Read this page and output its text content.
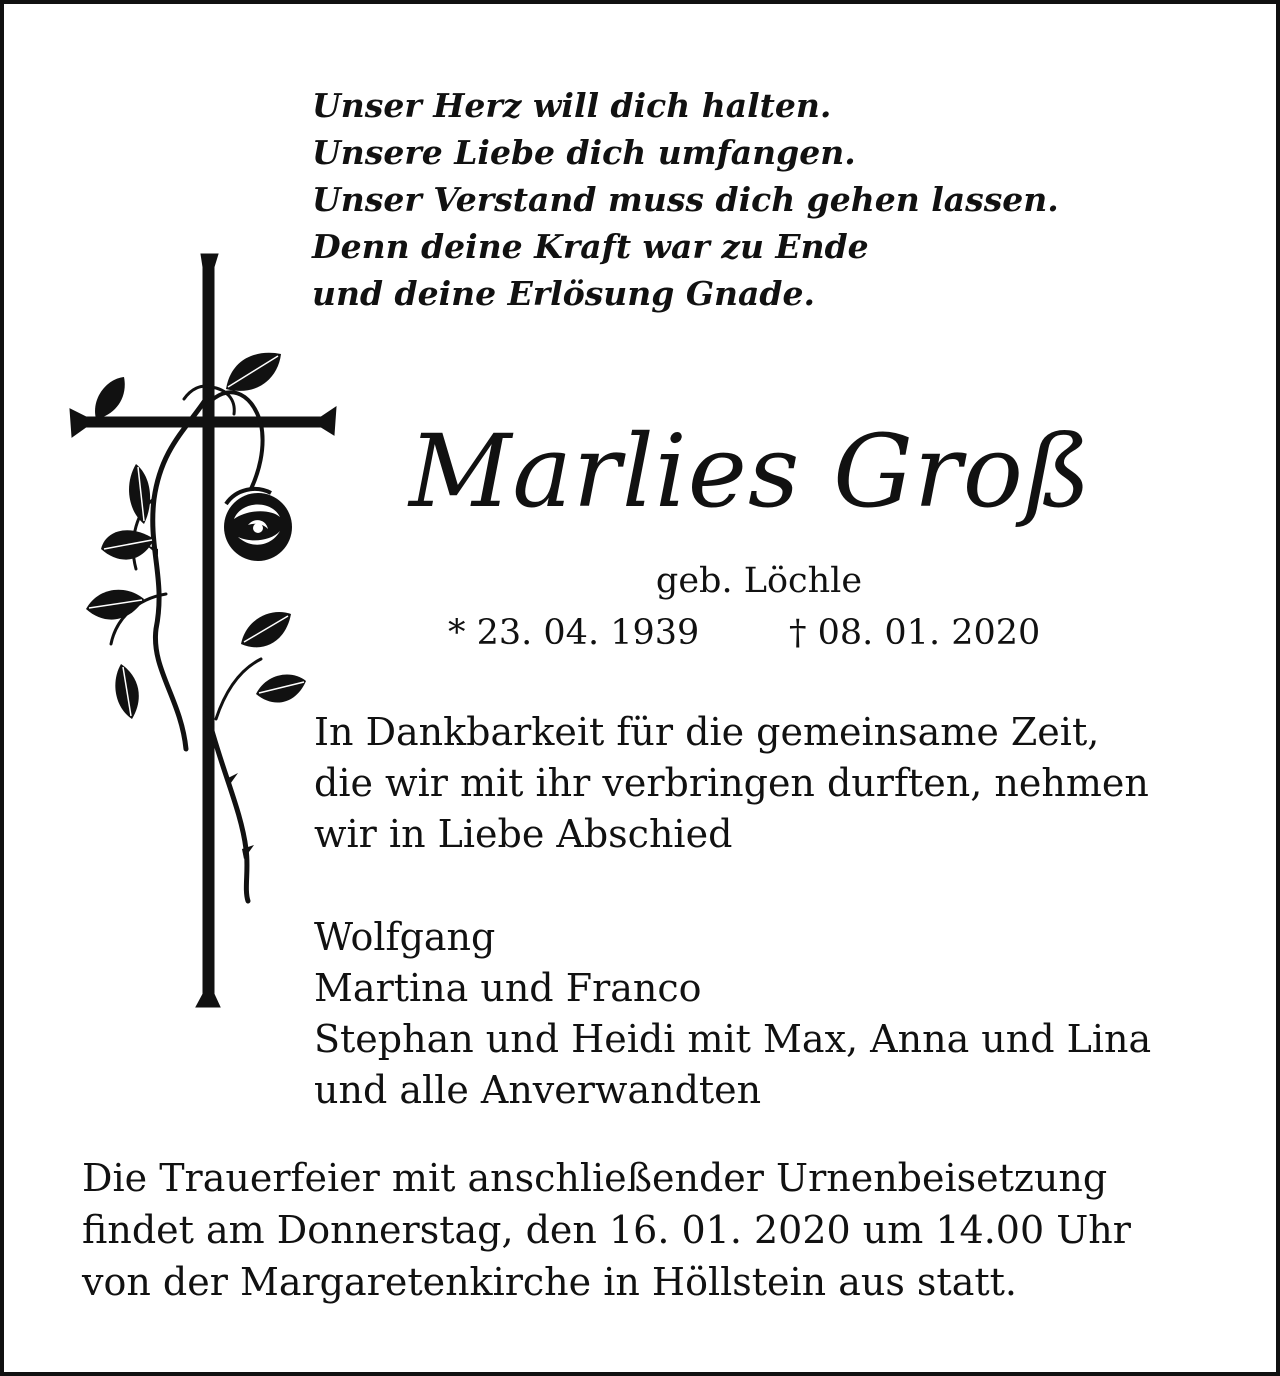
Unser Herz will dich halten.
Unsere Liebe dich umfangen.
Unser Verstand muss dich gehen lassen.
Denn deine Kraft war zu Ende
und deine Erlösung Gnade.
Marlies Groß
geb. Löchle
* 23. 04. 1939	† 08. 01. 2020
In Dankbarkeit für die gemeinsame Zeit,
die wir mit ihr verbringen durften, nehmen
wir in Liebe Abschied
Wolfgang
Martina und Franco
Stephan und Heidi mit Max, Anna und Lina
und alle Anverwandten
Die Trauerfeier mit anschließender Urnenbeisetzung
findet am Donnerstag, den 16. 01. 2020 um 14.00 Uhr
von der Margaretenkirche in Höllstein aus statt.
